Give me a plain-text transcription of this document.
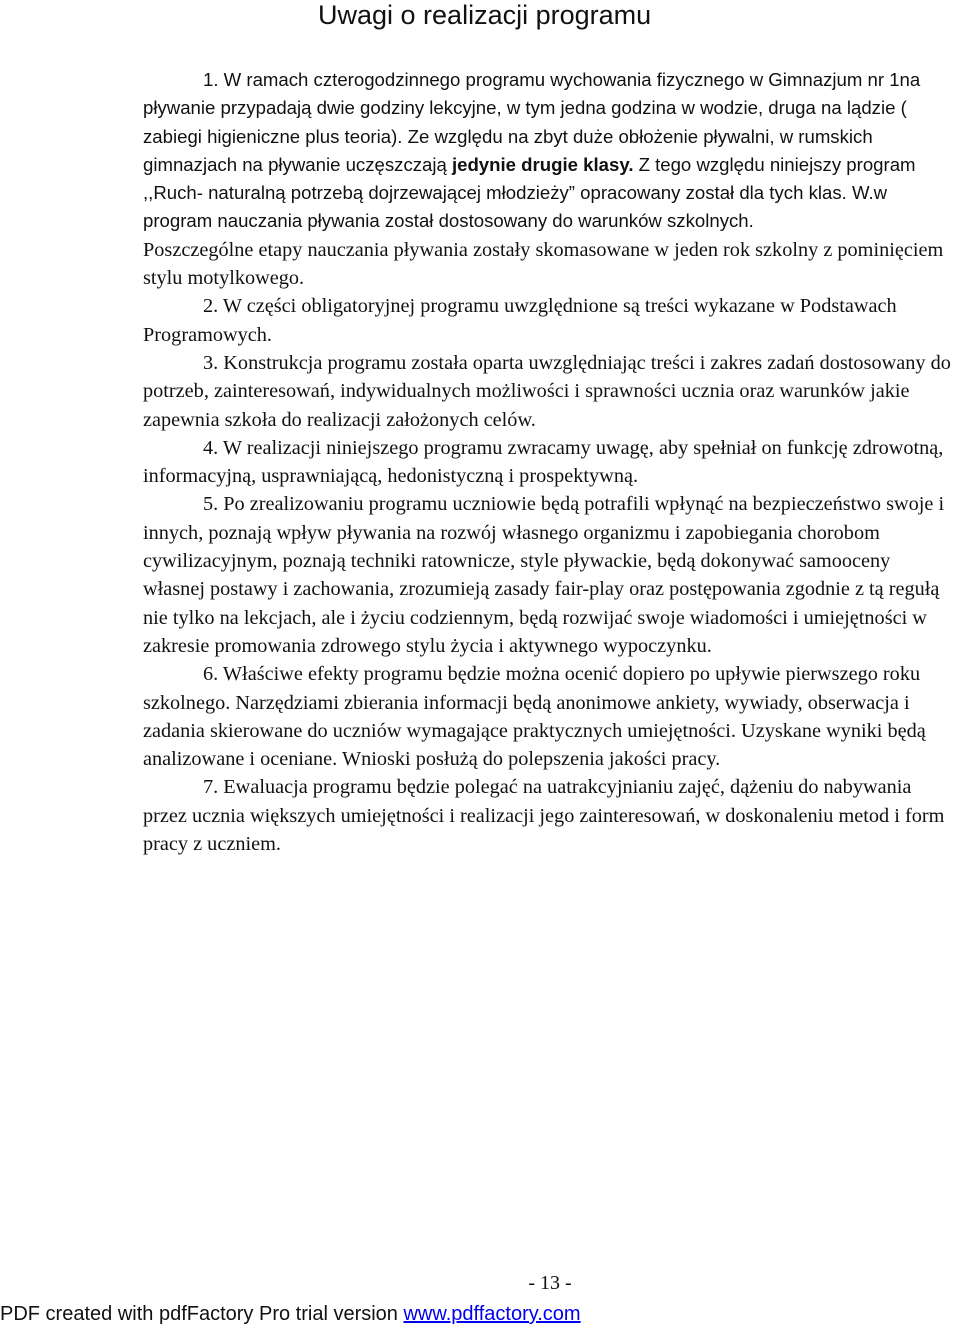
Uwagi o realizacji programu

1. W ramach czterogodzinnego programu wychowania fizycznego w Gimnazjum nr 1na pływanie przypadają dwie godziny lekcyjne, w tym jedna godzina w wodzie, druga na lądzie ( zabiegi higieniczne plus teoria). Ze względu na zbyt duże obłożenie pływalni, w rumskich gimnazjach na pływanie uczęszczają jedynie drugie klasy. Z tego względu niniejszy program ,,Ruch- naturalną potrzebą dojrzewającej młodzieży” opracowany został dla tych klas. W.w program nauczania pływania został dostosowany do warunków szkolnych.

Poszczególne etapy nauczania pływania zostały skomasowane w jeden rok szkolny z pominięciem stylu motylkowego.

2. W części obligatoryjnej programu uwzględnione są treści wykazane w Podstawach Programowych.

3. Konstrukcja programu została oparta uwzględniając treści i zakres zadań dostosowany do potrzeb, zainteresowań, indywidualnych możliwości i sprawności ucznia oraz warunków jakie zapewnia szkoła do realizacji założonych celów.

4. W realizacji niniejszego programu zwracamy uwagę, aby spełniał on funkcję zdrowotną, informacyjną, usprawniającą, hedonistyczną i prospektywną.

5. Po zrealizowaniu programu uczniowie będą potrafili wpłynąć na bezpieczeństwo swoje i innych, poznają wpływ pływania na rozwój własnego organizmu i zapobiegania chorobom cywilizacyjnym, poznają techniki ratownicze, style pływackie, będą dokonywać samooceny własnej postawy i zachowania, zrozumieją zasady fair-play oraz postępowania zgodnie z tą regułą nie tylko na lekcjach, ale i życiu codziennym, będą rozwijać swoje wiadomości i umiejętności w zakresie promowania zdrowego stylu życia i aktywnego wypoczynku.

6. Właściwe efekty programu będzie można ocenić dopiero po upływie pierwszego roku szkolnego. Narzędziami zbierania informacji będą anonimowe ankiety, wywiady, obserwacja i zadania skierowane do uczniów wymagające praktycznych umiejętności. Uzyskane wyniki będą analizowane i oceniane. Wnioski posłużą do polepszenia jakości pracy.

7. Ewaluacja programu będzie polegać na uatrakcyjnianiu zajęć, dążeniu do nabywania przez ucznia większych umiejętności i realizacji jego zainteresowań, w doskonaleniu metod i form pracy z uczniem.

- 13 -
PDF created with pdfFactory Pro trial version www.pdffactory.com
